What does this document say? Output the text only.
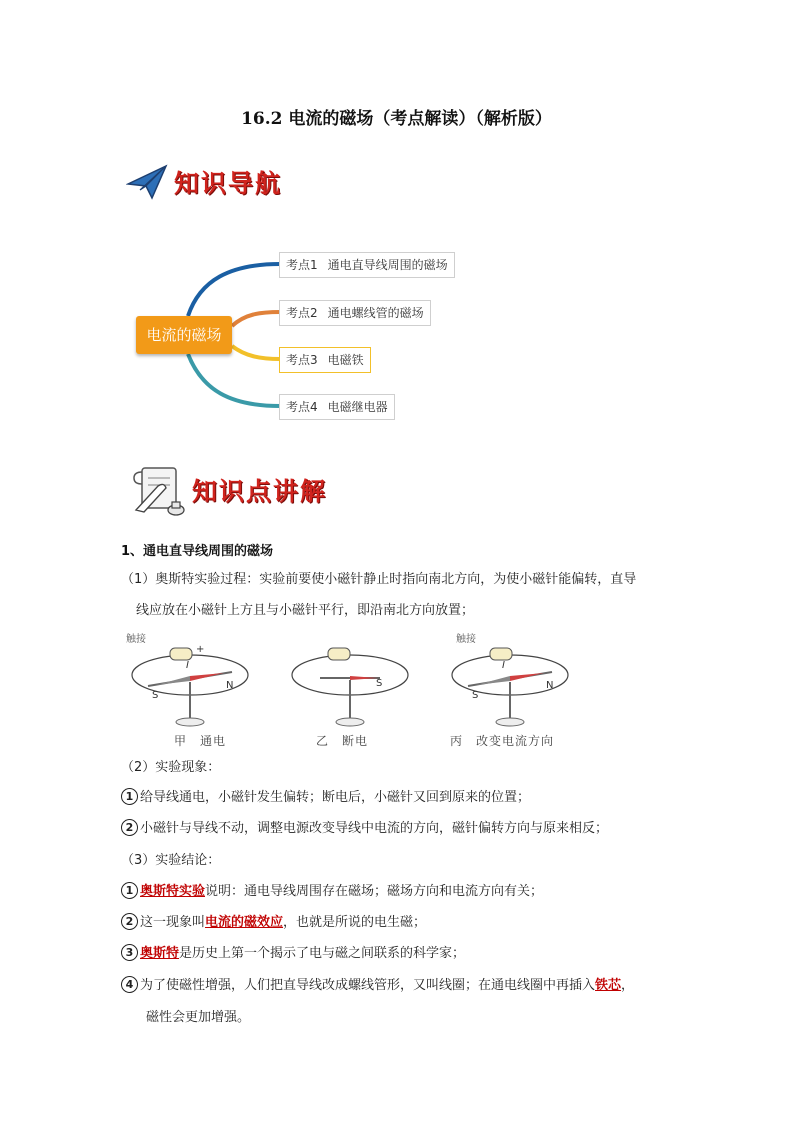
16.2 电流的磁场（考点解读）（解析版）
知识导航
电流的磁场
考点1 通电直导线周围的磁场
考点2 通电螺线管的磁场
考点3 电磁铁
考点4 电磁继电器
知识点讲解
1、通电直导线周围的磁场
（1）奥斯特实验过程：实验前要使小磁针静止时指向南北方向，为使小磁针能偏转，直导
线应放在小磁针上方且与小磁针平行，即沿南北方向放置；
触接
+
I
N
S
S
触接
I
N
S
甲　通电	乙　断电	丙　改变电流方向
（2）实验现象：
1 给导线通电，小磁针发生偏转；断电后，小磁针又回到原来的位置；
2 小磁针与导线不动，调整电源改变导线中电流的方向，磁针偏转方向与原来相反；
（3）实验结论：
1 奥斯特实验说明：通电导线周围存在磁场；磁场方向和电流方向有关；
2 这一现象叫电流的磁效应，也就是所说的电生磁；
3 奥斯特是历史上第一个揭示了电与磁之间联系的科学家；
4 为了使磁性增强，人们把直导线改成螺线管形，又叫线圈；在通电线圈中再插入铁芯，
磁性会更加增强。
